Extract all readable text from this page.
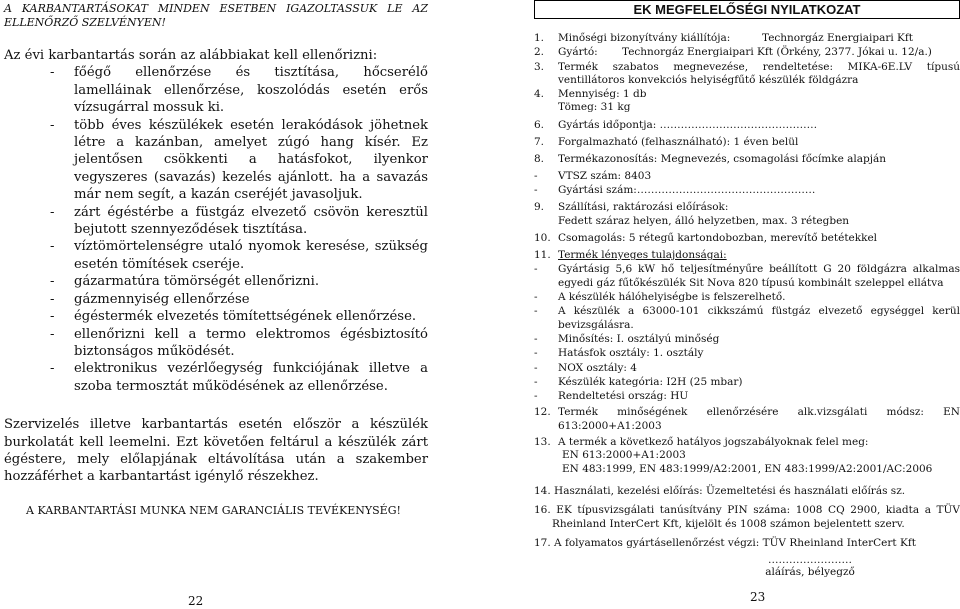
A KARBANTARTÁSOKAT MINDEN ESETBEN IGAZOLTASSUK LE AZ ELLENŐRZŐ SZELVÉNYEN!
Az évi karbantartás során az alábbiakat kell ellenőrizni:
- főégő ellenőrzése és tisztítása, hőcserélő lamelláinak ellenőrzése, koszolódás esetén erős vízsugárral mossuk ki.
- több éves készülékek esetén lerakódások jöhetnek létre a kazánban, amelyet zúgó hang kísér. Ez jelentősen csökkenti a hatásfokot, ilyenkor vegyszeres (savazás) kezelés ajánlott. ha a savazás már nem segít, a kazán cseréjét javasoljuk.
- zárt égéstérbe a füstgáz elvezető csövön keresztül bejutott szennyeződések tisztítása.
- víztömörtelenségre utaló nyomok keresése, szükség esetén tömítések cseréje.
- gázarmatúra tömörségét ellenőrizni.
- gázmennyiség ellenőrzése
- égéstermék elvezetés tömítettségének ellenőrzése.
- ellenőrizni kell a termo elektromos égésbiztosító biztonságos működését.
- elektronikus vezérlőegység funkciójának illetve a szoba termosztát működésének az ellenőrzése.
Szervizelés illetve karbantartás esetén először a készülék burkolatát kell leemelni. Ezt követően feltárul a készülék zárt égéstere, mely előlapjának eltávolítása után a szakember hozzáférhet a karbantartást igénylő részekhez.
A KARBANTARTÁSI MUNKA NEM GARANCIÁLIS TEVÉKENYSÉG!
22
EK MEGFELELŐSÉGI NYILATKOZAT
1.	Minőségi bizonyítvány kiállítója:	Technorgáz Energiaipari Kft
2.	Gyártó:	Technorgáz Energiaipari Kft (Örkény, 2377. Jókai u. 12/a.)
3.	Termék szabatos megnevezése, rendeltetése: MIKA-6E.LV típusú ventillátoros konvekciós helyiségfűtő készülék földgázra
4.	Mennyiség: 1 db
Tömeg: 31 kg
6.	Gyártás időpontja: ………………………………………
7.	Forgalmazható (felhasználható): 1 éven belül
8.	Termékazonosítás: Megnevezés, csomagolási főcímke alapján
-	VTSZ szám: 8403
-	Gyártási szám:……………………………………………
9.	Szállítási, raktározási előírások:
Fedett száraz helyen, álló helyzetben, max. 3 rétegben
10. Csomagolás: 5 rétegű kartondobozban, merevítő betétekkel
11. Termék lényeges tulajdonságai:
-	Gyártásig 5,6 kW hő teljesítményűre beállított G 20 földgázra alkalmas egyedi gáz fűtőkészülék Sit Nova 820 típusú kombinált szeleppel ellátva
-	A készülék hálóhelyiségbe is felszerelhető.
-	A készülék a 63000-101 cikkszámú füstgáz elvezető egységgel kerül bevizsgálásra.
-	Minősítés: I. osztályú minőség
-	Hatásfok osztály: 1. osztály
-	NOX osztály: 4
-	Készülék kategória: I2H (25 mbar)
-	Rendeltetési ország: HU
12. Termék minőségének ellenőrzésére alk.vizsgálati módsz: EN 613:2000+A1:2003
13. A termék a következő hatályos jogszabályoknak felel meg:
EN 613:2000+A1:2003
EN 483:1999, EN 483:1999/A2:2001, EN 483:1999/A2:2001/AC:2006
14. Használati, kezelési előírás: Üzemeltetési és használati előírás sz.
16. EK típusvizsgálati tanúsítvány PIN száma: 1008 CQ 2900, kiadta a TÜV Rheinland InterCert Kft, kijelölt és 1008 számon bejelentett szerv.
17. A folyamatos gyártásellenőrzést végzi: TÜV Rheinland InterCert Kft
……………………
aláírás, bélyegző
23
